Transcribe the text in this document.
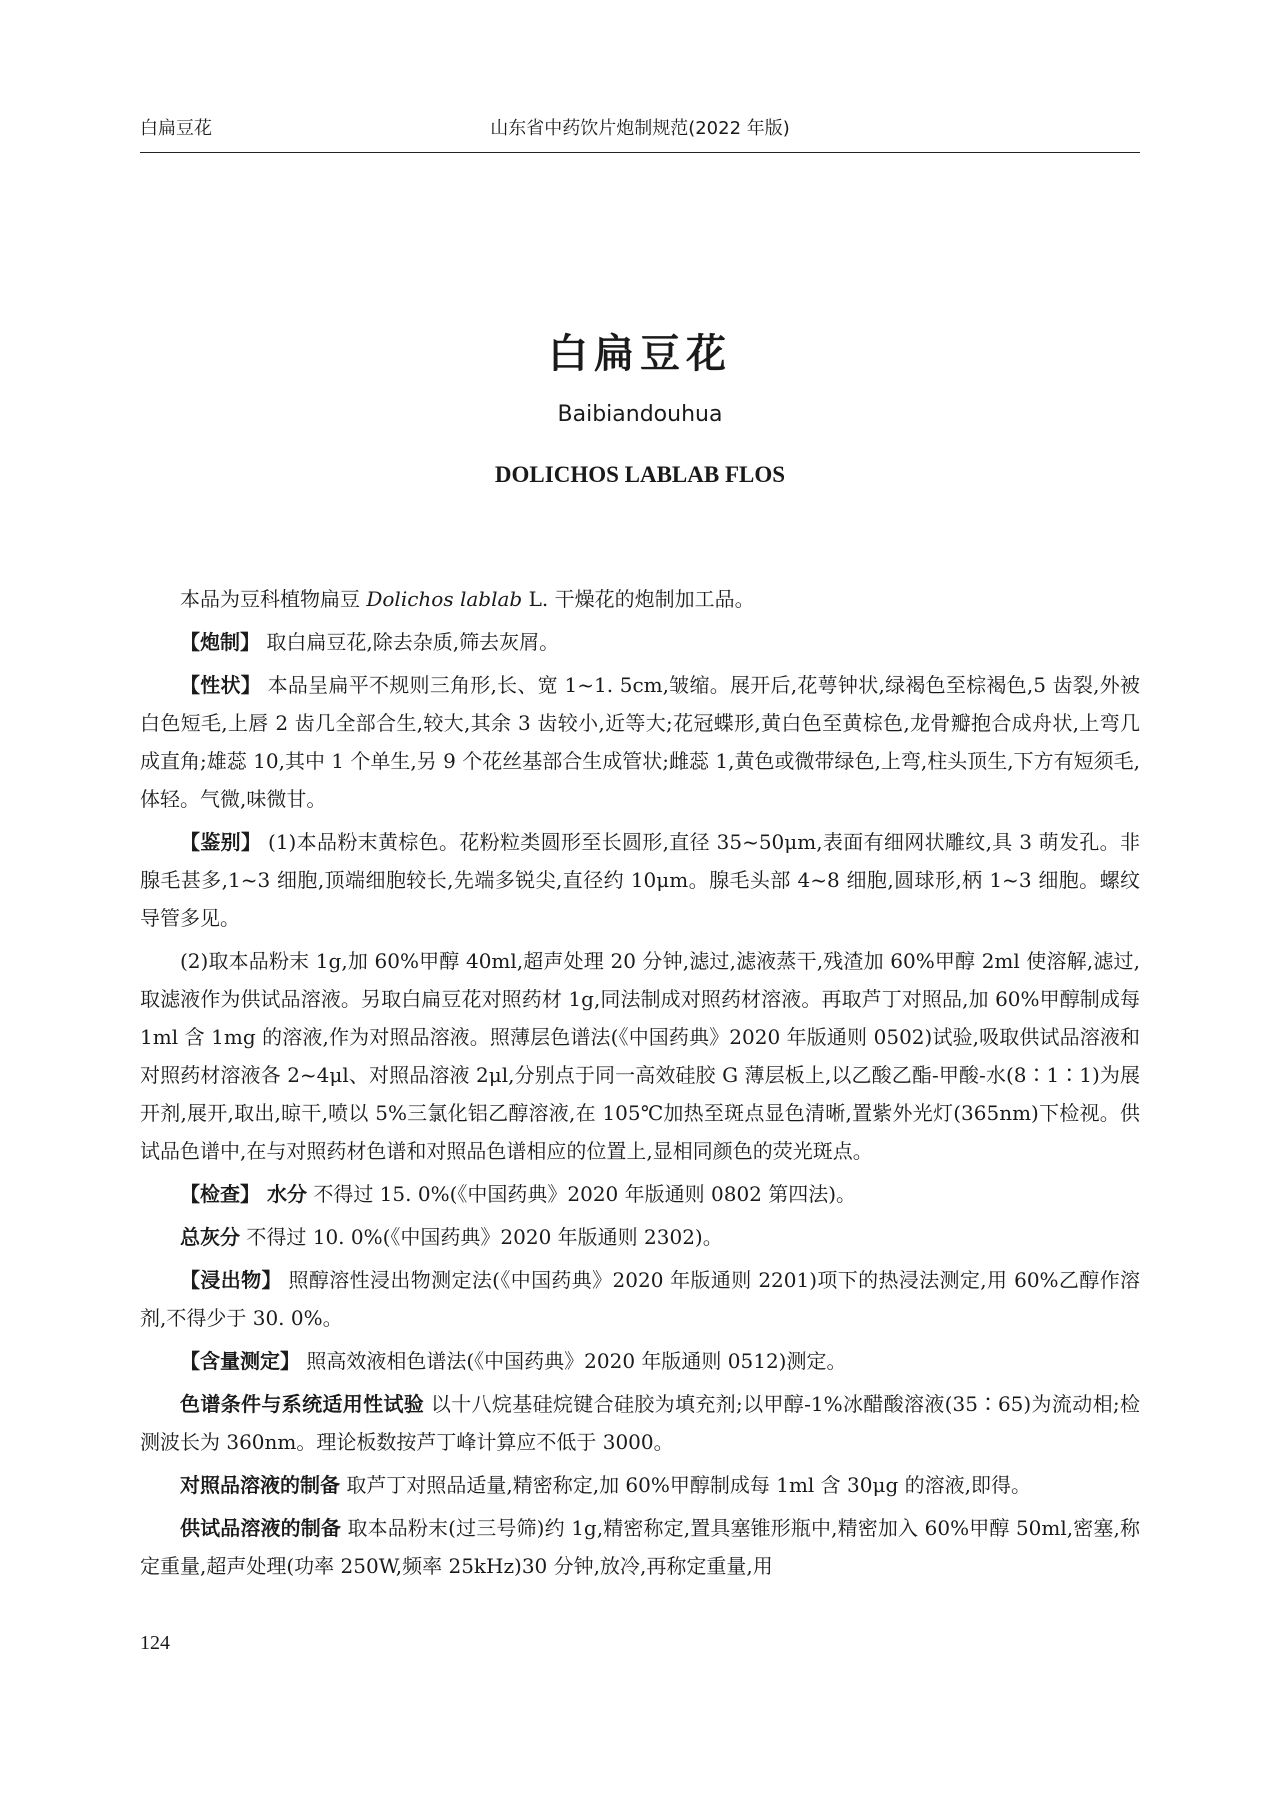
白扁豆花	山东省中药饮片炮制规范(2022 年版)
白扁豆花
Baibiandouhua
DOLICHOS LABLAB FLOS

本品为豆科植物扁豆 Dolichos lablab L. 干燥花的炮制加工品。

【炮制】 取白扁豆花,除去杂质,筛去灰屑。

【性状】 本品呈扁平不规则三角形,长、宽 1~1. 5cm,皱缩。展开后,花萼钟状,绿褐色至棕褐色,5 齿裂,外被白色短毛,上唇 2 齿几全部合生,较大,其余 3 齿较小,近等大;花冠蝶形,黄白色至黄棕色,龙骨瓣抱合成舟状,上弯几成直角;雄蕊 10,其中 1 个单生,另 9 个花丝基部合生成管状;雌蕊 1,黄色或微带绿色,上弯,柱头顶生,下方有短须毛,体轻。气微,味微甘。

【鉴别】 (1)本品粉末黄棕色。花粉粒类圆形至长圆形,直径 35~50μm,表面有细网状雕纹,具 3 萌发孔。非腺毛甚多,1~3 细胞,顶端细胞较长,先端多锐尖,直径约 10μm。腺毛头部 4~8 细胞,圆球形,柄 1~3 细胞。螺纹导管多见。

(2)取本品粉末 1g,加 60%甲醇 40ml,超声处理 20 分钟,滤过,滤液蒸干,残渣加 60%甲醇 2ml 使溶解,滤过,取滤液作为供试品溶液。另取白扁豆花对照药材 1g,同法制成对照药材溶液。再取芦丁对照品,加 60%甲醇制成每 1ml 含 1mg 的溶液,作为对照品溶液。照薄层色谱法(《中国药典》2020 年版通则 0502)试验,吸取供试品溶液和对照药材溶液各 2~4μl、对照品溶液 2μl,分别点于同一高效硅胶 G 薄层板上,以乙酸乙酯-甲酸-水(8∶1∶1)为展开剂,展开,取出,晾干,喷以 5%三氯化铝乙醇溶液,在 105℃加热至斑点显色清晰,置紫外光灯(365nm)下检视。供试品色谱中,在与对照药材色谱和对照品色谱相应的位置上,显相同颜色的荧光斑点。

【检查】 水分 不得过 15. 0%(《中国药典》2020 年版通则 0802 第四法)。

总灰分 不得过 10. 0%(《中国药典》2020 年版通则 2302)。

【浸出物】 照醇溶性浸出物测定法(《中国药典》2020 年版通则 2201)项下的热浸法测定,用 60%乙醇作溶剂,不得少于 30. 0%。

【含量测定】 照高效液相色谱法(《中国药典》2020 年版通则 0512)测定。

色谱条件与系统适用性试验 以十八烷基硅烷键合硅胶为填充剂;以甲醇-1%冰醋酸溶液(35∶65)为流动相;检测波长为 360nm。理论板数按芦丁峰计算应不低于 3000。

对照品溶液的制备 取芦丁对照品适量,精密称定,加 60%甲醇制成每 1ml 含 30μg 的溶液,即得。

供试品溶液的制备 取本品粉末(过三号筛)约 1g,精密称定,置具塞锥形瓶中,精密加入 60%甲醇 50ml,密塞,称定重量,超声处理(功率 250W,频率 25kHz)30 分钟,放冷,再称定重量,用

124
